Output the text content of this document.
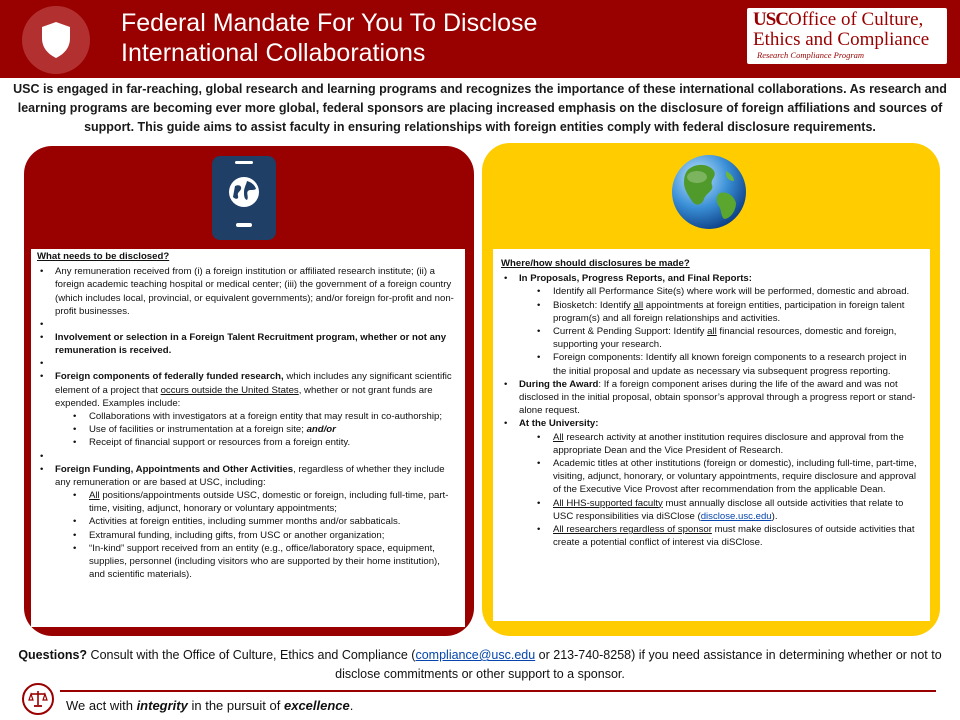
Federal Mandate For You To Disclose
International Collaborations
USCOffice of Culture,
Ethics and Compliance
Research Compliance Program
USC is engaged in far-reaching, global research and learning programs and recognizes the importance of these international collaborations. As research and learning programs are becoming ever more global, federal sponsors are placing increased emphasis on the disclosure of foreign affiliations and sources of support. This guide aims to assist faculty in ensuring relationships with foreign entities comply with federal disclosure requirements.
What needs to be disclosed?
• Any remuneration received from (i) a foreign institution or affiliated research institute; (ii) a foreign academic teaching hospital or medical center; (iii) the government of a foreign country (which includes local, provincial, or equivalent governments); and/or foreign for-profit and non-profit businesses.
•
• Involvement or selection in a Foreign Talent Recruitment program, whether or not any remuneration is received.
•
• Foreign components of federally funded research, which includes any significant scientific element of a project that occurs outside the United States, whether or not grant funds are expended. Examples include:
• Collaborations with investigators at a foreign entity that may result in co-authorship;
• Use of facilities or instrumentation at a foreign site; and/or
• Receipt of financial support or resources from a foreign entity.
•
• Foreign Funding, Appointments and Other Activities, regardless of whether they include any remuneration or are based at USC, including:
• All positions/appointments outside USC, domestic or foreign, including full-time, part-time, visiting, adjunct, honorary or voluntary appointments;
• Activities at foreign entities, including summer months and/or sabbaticals.
• Extramural funding, including gifts, from USC or another organization;
• “In-kind” support received from an entity (e.g., office/laboratory space, equipment, supplies, personnel (including visitors who are supported by their home institution), and scientific materials).
Where/how should disclosures be made?
• In Proposals, Progress Reports, and Final Reports:
• Identify all Performance Site(s) where work will be performed, domestic and abroad.
• Biosketch: Identify all appointments at foreign entities, participation in foreign talent program(s) and all foreign relationships and activities.
• Current & Pending Support: Identify all financial resources, domestic and foreign, supporting your research.
• Foreign components: Identify all known foreign components to a research project in the initial proposal and update as necessary via subsequent progress reporting.
• During the Award: If a foreign component arises during the life of the award and was not disclosed in the initial proposal, obtain sponsor’s approval through a progress report or stand-alone request.
• At the University:
• All research activity at another institution requires disclosure and approval from the appropriate Dean and the Vice President of Research.
• Academic titles at other institutions (foreign or domestic), including full-time, part-time, visiting, adjunct, honorary, or voluntary appointments, require disclosure and approval of the Executive Vice Provost after recommendation from the applicable Dean.
• All HHS-supported faculty must annually disclose all outside activities that relate to USC responsibilities via diSClose (disclose.usc.edu).
• All researchers regardless of sponsor must make disclosures of outside activities that create a potential conflict of interest via diSClose.
Questions? Consult with the Office of Culture, Ethics and Compliance (compliance@usc.edu or 213-740-8258) if you need assistance in determining whether or not to disclose commitments or other support to a sponsor.
We act with integrity in the pursuit of excellence.
